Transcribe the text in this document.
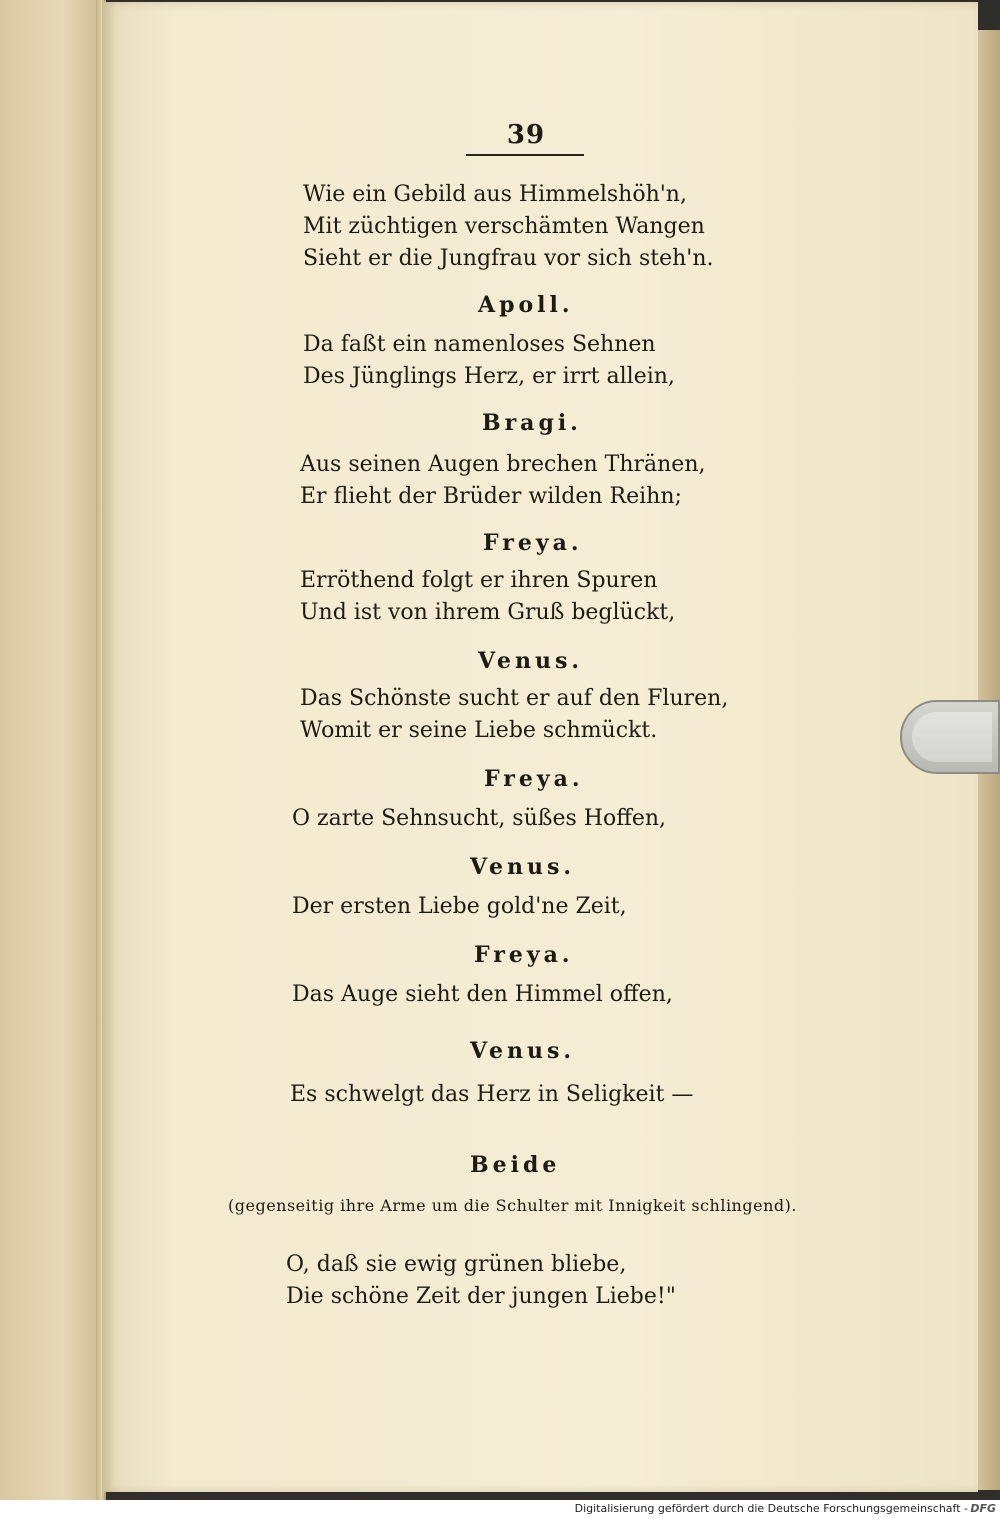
39
Wie ein Gebild aus Himmelshöh'n,
Mit züchtigen verschämten Wangen
Sieht er die Jungfrau vor sich steh'n.
Apoll.
Da faßt ein namenloses Sehnen
Des Jünglings Herz, er irrt allein,
Bragi.
Aus seinen Augen brechen Thränen,
Er flieht der Brüder wilden Reihn;
Freya.
Erröthend folgt er ihren Spuren
Und ist von ihrem Gruß beglückt,
Venus.
Das Schönste sucht er auf den Fluren,
Womit er seine Liebe schmückt.
Freya.
O zarte Sehnsucht, süßes Hoffen,
Venus.
Der ersten Liebe gold'ne Zeit,
Freya.
Das Auge sieht den Himmel offen,
Venus.
Es schwelgt das Herz in Seligkeit —
Beide
(gegenseitig ihre Arme um die Schulter mit Innigkeit schlingend).
O, daß sie ewig grünen bliebe,
Die schöne Zeit der jungen Liebe!"
Digitalisierung gefördert durch die Deutsche Forschungsgemeinschaft - DFG
